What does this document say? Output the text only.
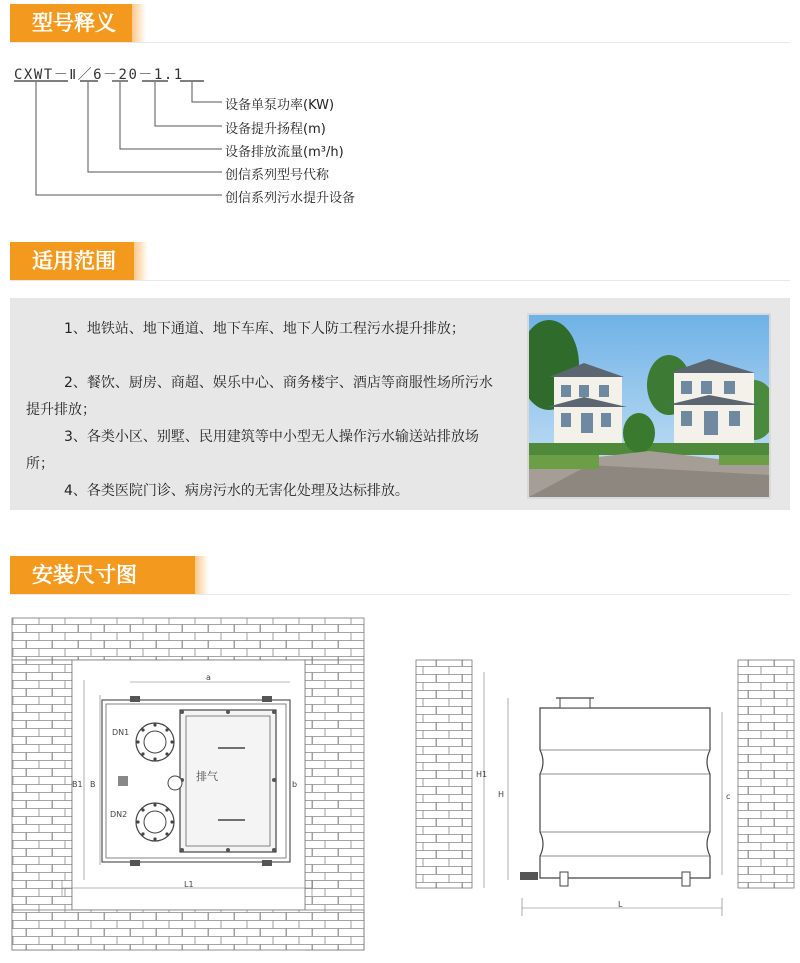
型号释义
CXWT－Ⅱ／6－20－1.1
设备单泵功率(KW)
设备提升扬程(m)
设备排放流量(m³/h)
创信系列型号代称
创信系列污水提升设备
适用范围
1、地铁站、地下通道、地下车库、地下人防工程污水提升排放；
2、餐饮、厨房、商超、娱乐中心、商务楼宇、酒店等商服性场所污水提升排放；
3、各类小区、别墅、民用建筑等中小型无人操作污水输送站排放场所；
4、各类医院门诊、病房污水的无害化处理及达标排放。
安装尺寸图
DN1
DN2
排气
L1
B1 B
a
b
H1
H	c
L
